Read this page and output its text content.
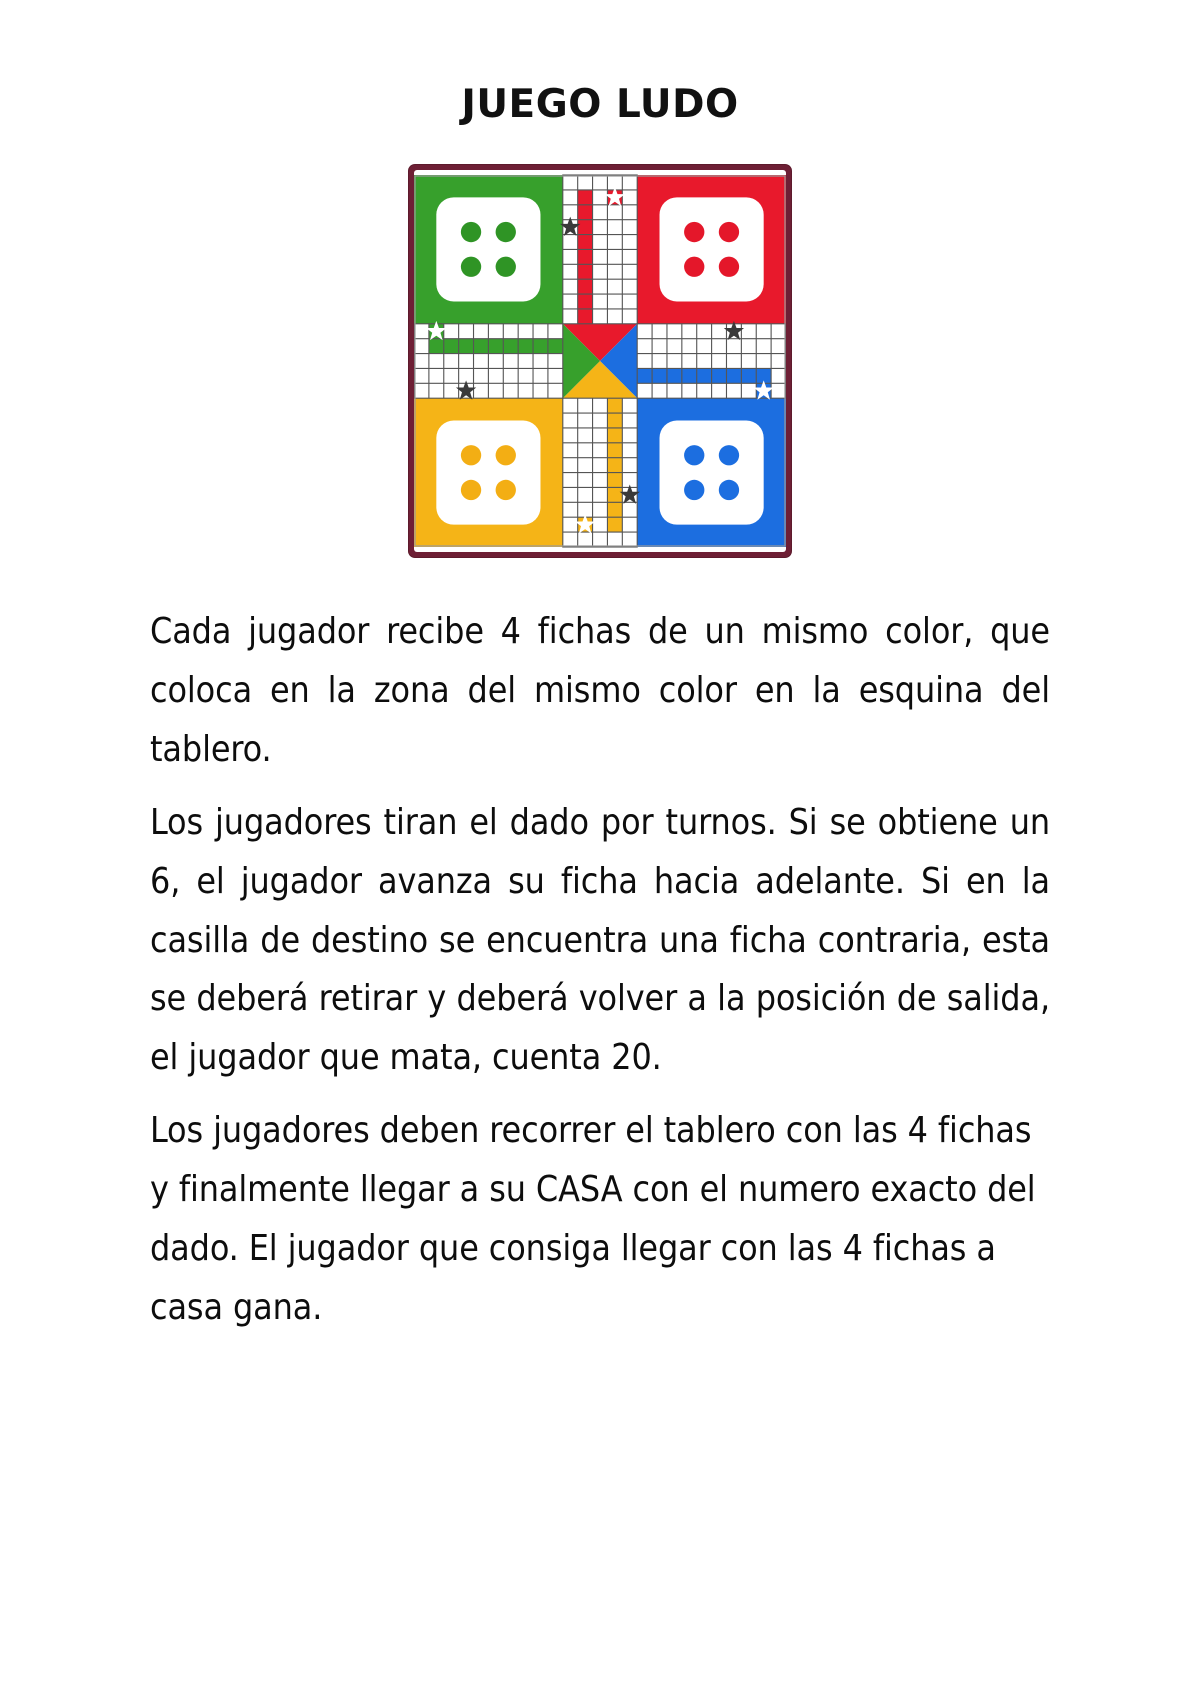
JUEGO LUDO

Cada jugador recibe 4 fichas de un mismo color, que coloca en la zona del mismo color en la esquina del tablero.

Los jugadores tiran el dado por turnos. Si se obtiene un 6, el jugador avanza su ficha hacia adelante. Si en la casilla de destino se encuentra una ficha contraria, esta se deberá retirar y deberá volver a la posición de salida, el jugador que mata, cuenta 20.

Los jugadores deben recorrer el tablero con las 4 fichas y finalmente llegar a su CASA con el numero exacto del dado. El jugador que consiga llegar con las 4 fichas a casa gana.
